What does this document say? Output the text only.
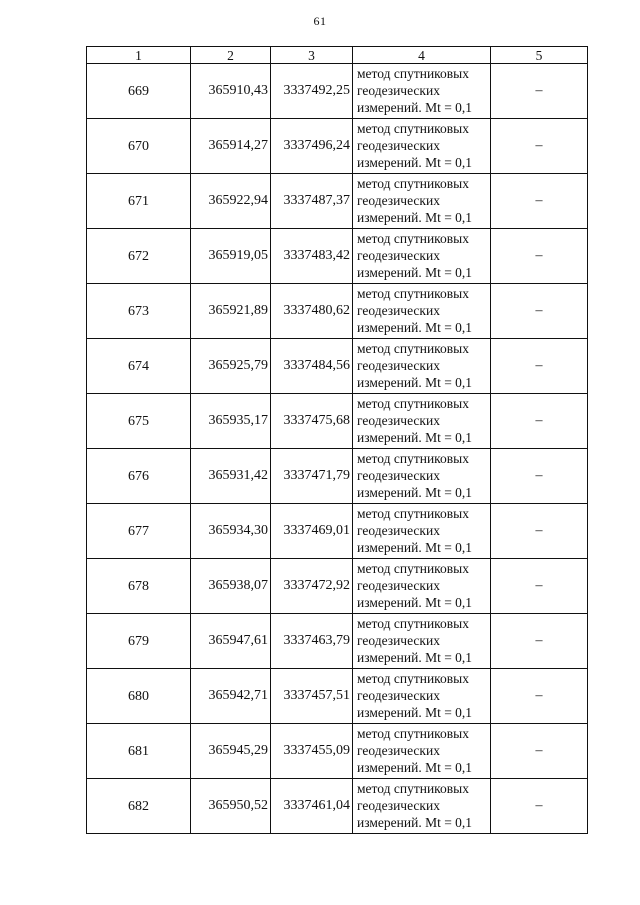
61
1	2	3	4	5
669	365910,43	3337492,25	метод спутниковых
геодезических
измерений. Mt = 0,1	–
670	365914,27	3337496,24	метод спутниковых
геодезических
измерений. Mt = 0,1	–
671	365922,94	3337487,37	метод спутниковых
геодезических
измерений. Mt = 0,1	–
672	365919,05	3337483,42	метод спутниковых
геодезических
измерений. Mt = 0,1	–
673	365921,89	3337480,62	метод спутниковых
геодезических
измерений. Mt = 0,1	–
674	365925,79	3337484,56	метод спутниковых
геодезических
измерений. Mt = 0,1	–
675	365935,17	3337475,68	метод спутниковых
геодезических
измерений. Mt = 0,1	–
676	365931,42	3337471,79	метод спутниковых
геодезических
измерений. Mt = 0,1	–
677	365934,30	3337469,01	метод спутниковых
геодезических
измерений. Mt = 0,1	–
678	365938,07	3337472,92	метод спутниковых
геодезических
измерений. Mt = 0,1	–
679	365947,61	3337463,79	метод спутниковых
геодезических
измерений. Mt = 0,1	–
680	365942,71	3337457,51	метод спутниковых
геодезических
измерений. Mt = 0,1	–
681	365945,29	3337455,09	метод спутниковых
геодезических
измерений. Mt = 0,1	–
682	365950,52	3337461,04	метод спутниковых
геодезических
измерений. Mt = 0,1	–
